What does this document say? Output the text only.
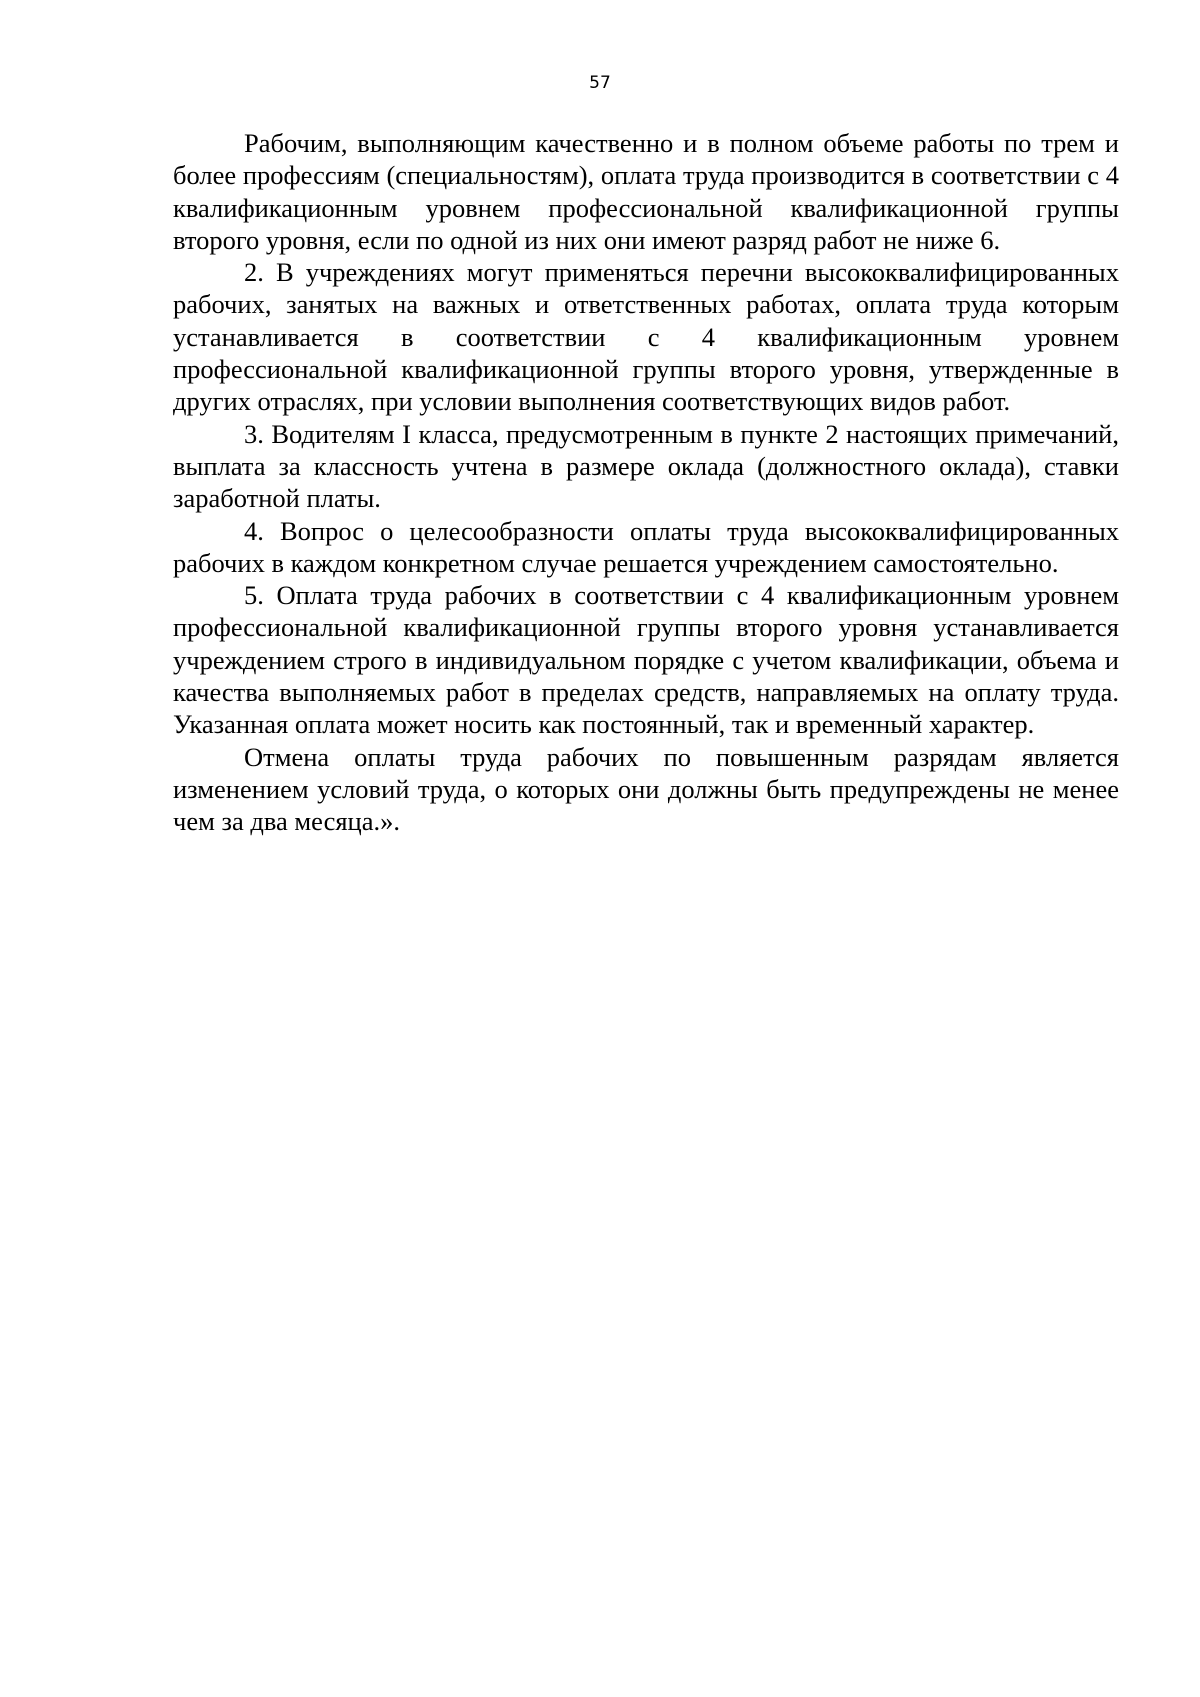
57

Рабочим, выполняющим качественно и в полном объеме работы по трем и более профессиям (специальностям), оплата труда производится в соответствии с 4 квалификационным уровнем профессиональной квалификационной группы второго уровня, если по одной из них они имеют разряд работ не ниже 6.

2. В учреждениях могут применяться перечни высококвалифицированных рабочих, занятых на важных и ответственных работах, оплата труда которым устанавливается в соответствии с 4 квалификационным уровнем профессиональной квалификационной группы второго уровня, утвержденные в других отраслях, при условии выполнения соответствующих видов работ.

3. Водителям I класса, предусмотренным в пункте 2 настоящих примечаний, выплата за классность учтена в размере оклада (должностного оклада), ставки заработной платы.

4. Вопрос о целесообразности оплаты труда высококвалифицированных рабочих в каждом конкретном случае решается учреждением самостоятельно.

5. Оплата труда рабочих в соответствии с 4 квалификационным уровнем профессиональной квалификационной группы второго уровня устанавливается учреждением строго в индивидуальном порядке с учетом квалификации, объема и качества выполняемых работ в пределах средств, направляемых на оплату труда. Указанная оплата может носить как постоянный, так и временный характер.

Отмена оплаты труда рабочих по повышенным разрядам является изменением условий труда, о которых они должны быть предупреждены не менее чем за два месяца.».
